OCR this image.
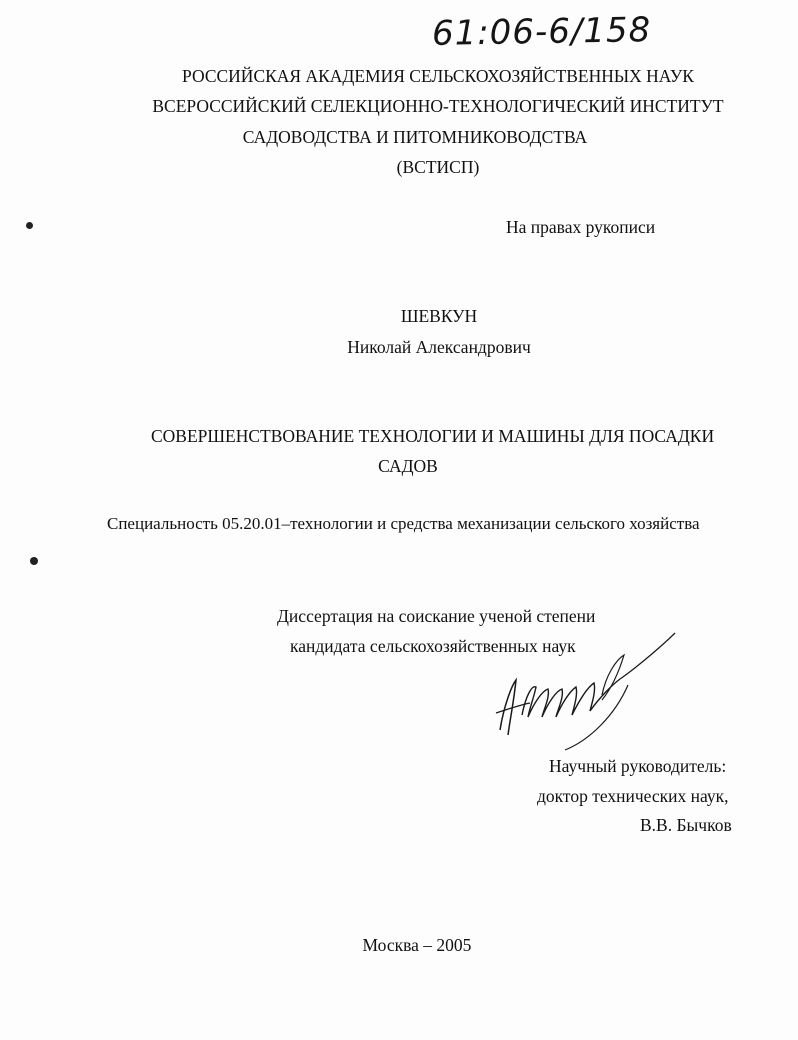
61:06-6/158
РОССИЙСКАЯ АКАДЕМИЯ СЕЛЬСКОХОЗЯЙСТВЕННЫХ НАУК
ВСЕРОССИЙСКИЙ СЕЛЕКЦИОННО-ТЕХНОЛОГИЧЕСКИЙ ИНСТИТУТ
САДОВОДСТВА И ПИТОМНИКОВОДСТВА
(ВСТИСП)
На правах рукописи
ШЕВКУН
Николай Александрович
СОВЕРШЕНСТВОВАНИЕ ТЕХНОЛОГИИ И МАШИНЫ ДЛЯ ПОСАДКИ
САДОВ
Специальность 05.20.01–технологии и средства механизации сельского хозяйства
Диссертация на соискание ученой степени
кандидата сельскохозяйственных наук
Научный руководитель:
доктор технических наук,
В.В. Бычков
Москва – 2005
